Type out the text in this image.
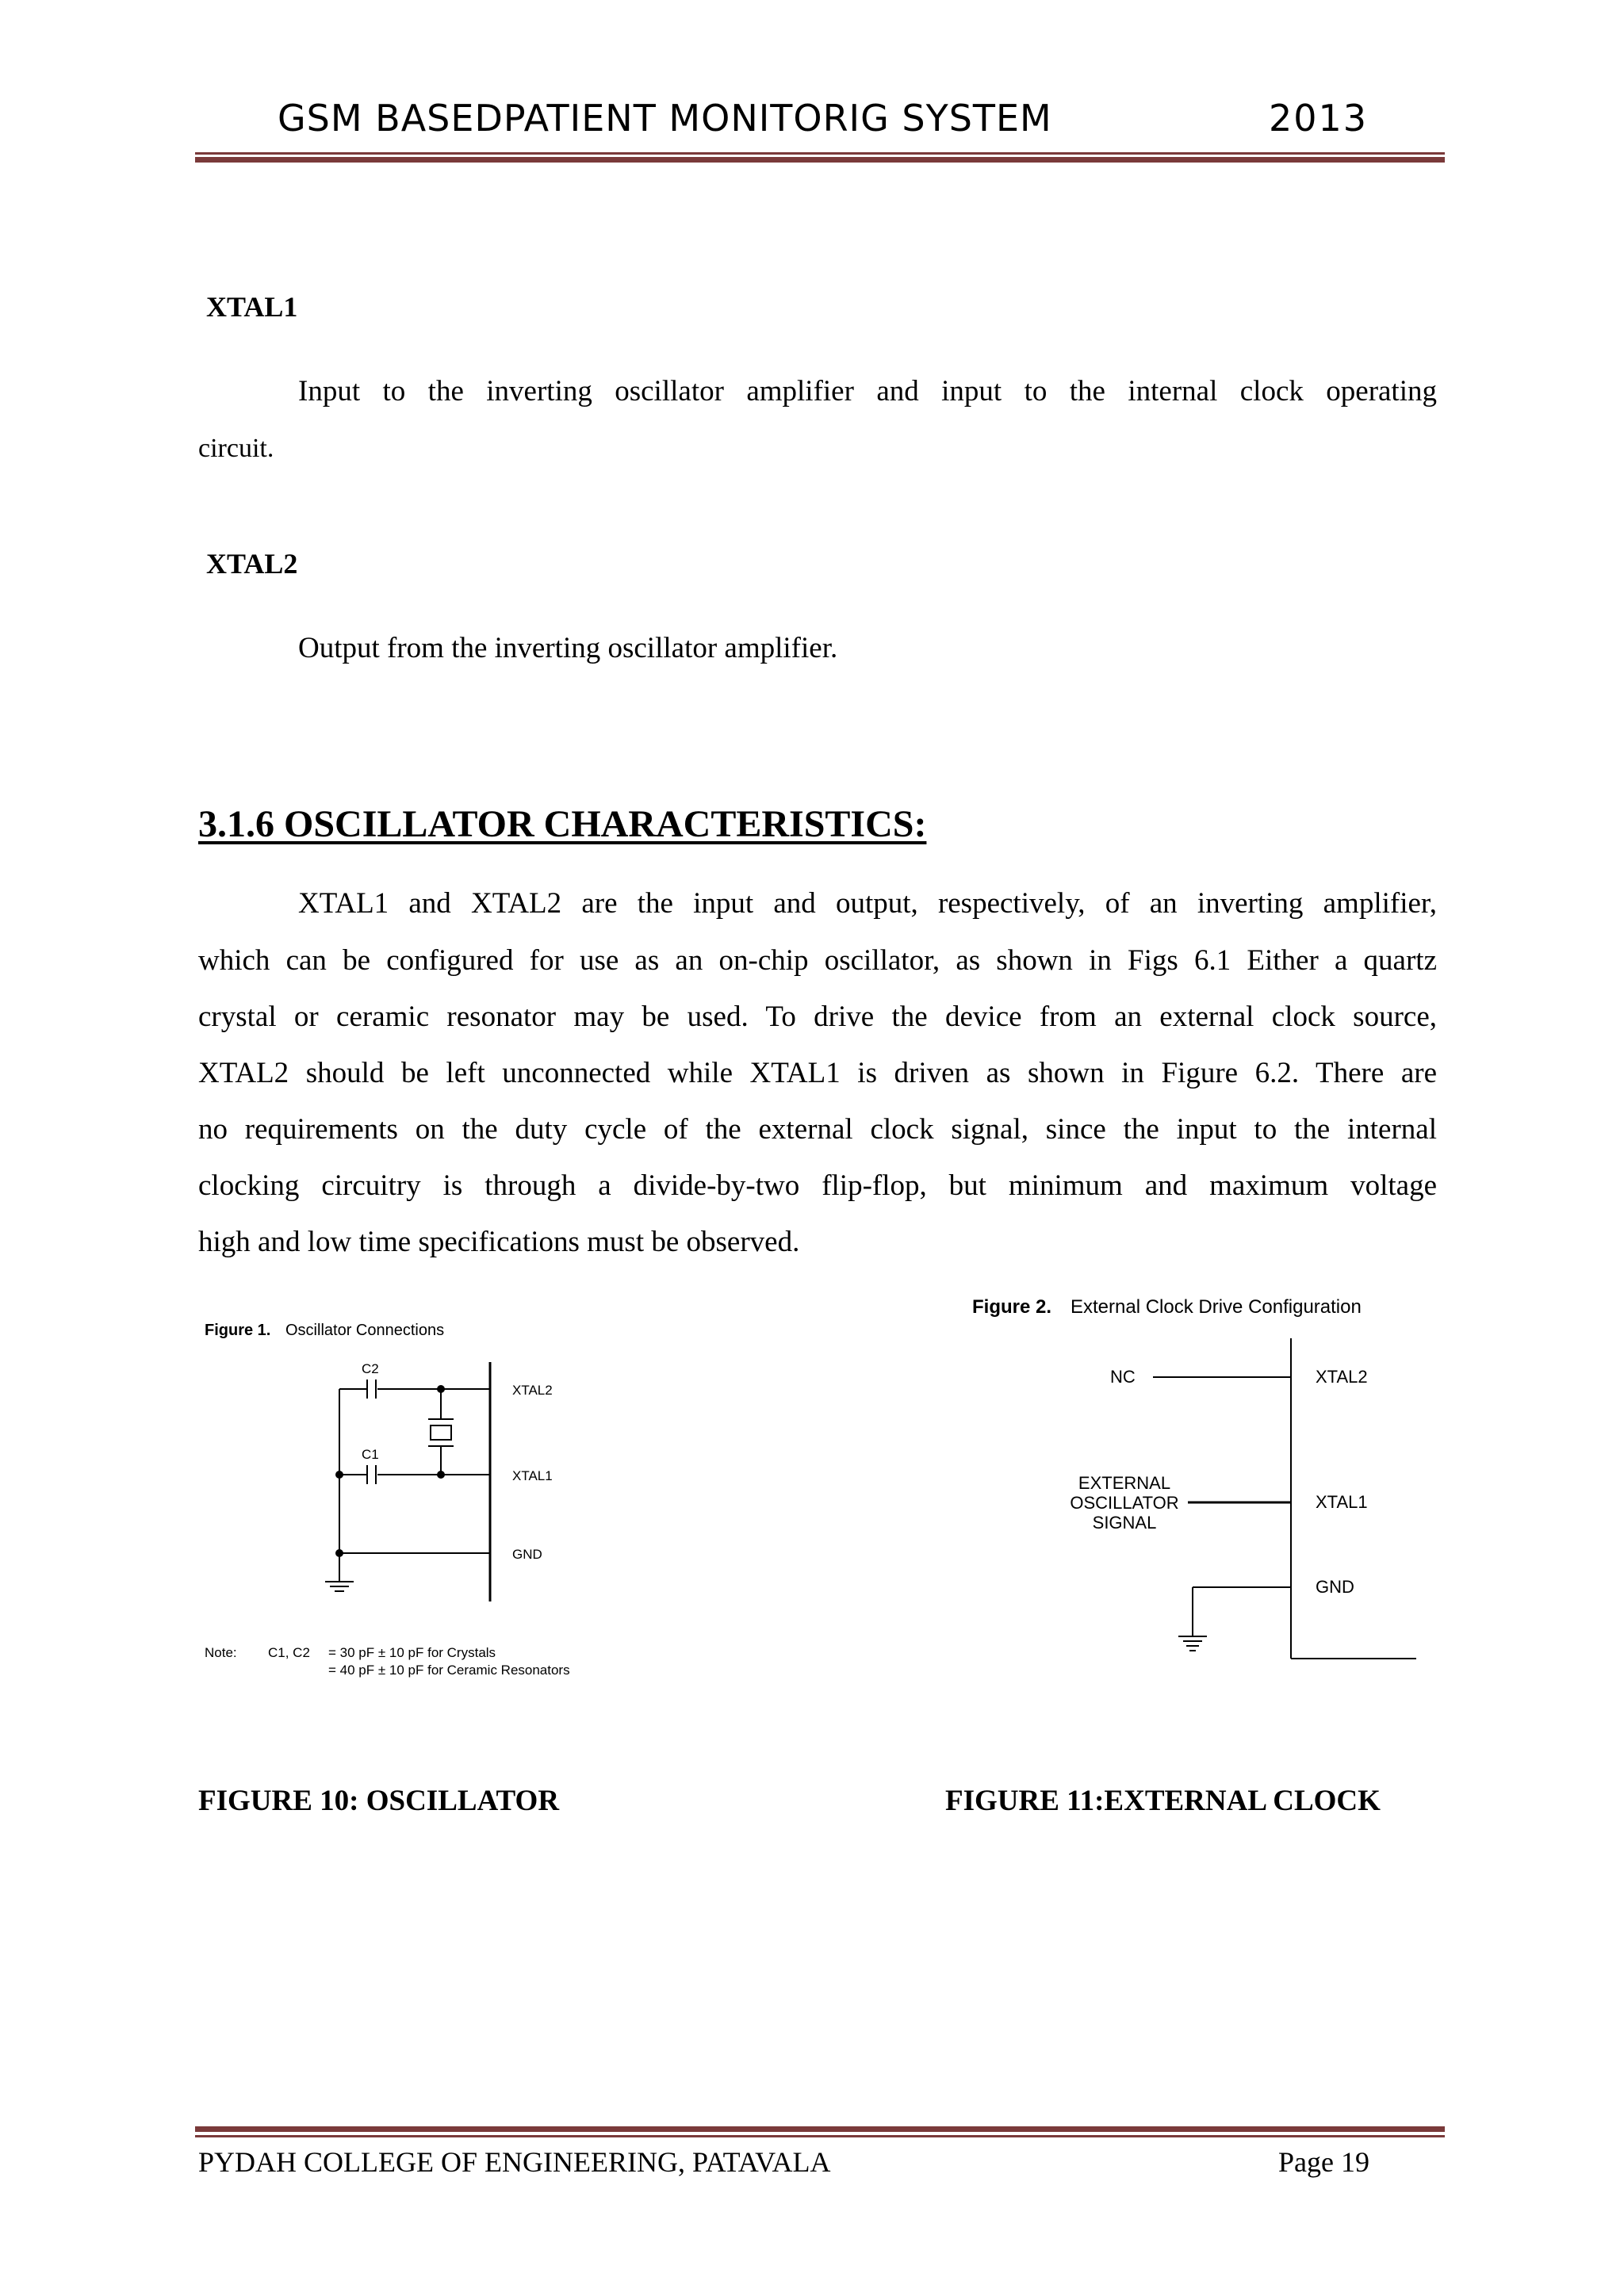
GSM BASEDPATIENT MONITORIG SYSTEM	2013
XTAL1
Input to the inverting oscillator amplifier and input to the internal clock operating
circuit.
XTAL2
Output from the inverting oscillator amplifier.
3.1.6 OSCILLATOR CHARACTERISTICS:
XTAL1 and XTAL2 are the input and output, respectively, of an inverting amplifier,
which can be configured for use as an on-chip oscillator, as shown in Figs 6.1 Either a quartz
crystal or ceramic resonator may be used. To drive the device from an external clock source,
XTAL2 should be left unconnected while XTAL1 is driven as shown in Figure 6.2. There are
no requirements on the duty cycle of the external clock signal, since the input to the internal
clocking circuitry is through a divide-by-two flip-flop, but minimum and maximum voltage
high and low time specifications must be observed.
Figure 1. Oscillator Connections
C2
XTAL2
C1
XTAL1
GND
Note: C1, C2 = 30 pF ± 10 pF for Crystals
= 40 pF ± 10 pF for Ceramic Resonators
Figure 2. External Clock Drive Configuration
NC	XTAL2
EXTERNAL
OSCILLATOR
SIGNAL
XTAL1
GND
FIGURE 10: OSCILLATOR	FIGURE 11:EXTERNAL CLOCK
PYDAH COLLEGE OF ENGINEERING, PATAVALA	Page 19
